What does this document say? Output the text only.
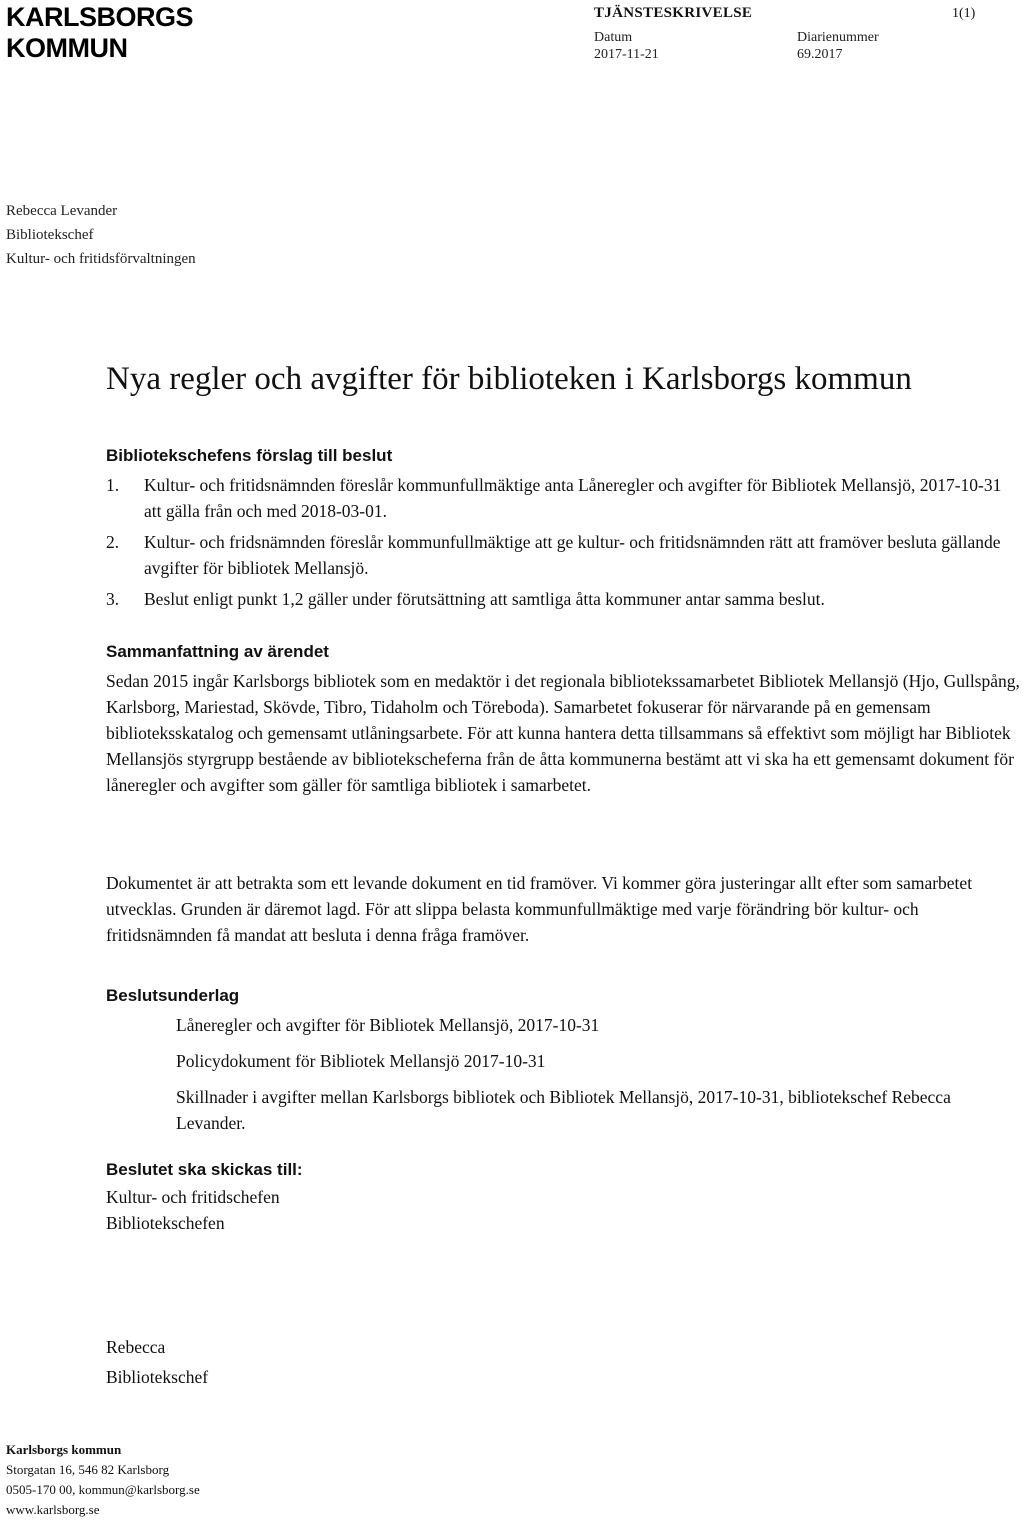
KARLSBORGS
KOMMUN
TJÄNSTESKRIVELSE
Datum
2017-11-21
Diarienummer
69.2017
1(1)
Rebecca Levander
Bibliotekschef
Kultur- och fritidsförvaltningen
Nya regler och avgifter för biblioteken i Karlsborgs kommun
Bibliotekschefens förslag till beslut
1. Kultur- och fritidsnämnden föreslår kommunfullmäktige anta Låneregler och avgifter för Bibliotek Mellansjö, 2017-10-31 att gälla från och med 2018-03-01.
2. Kultur- och fridsnämnden föreslår kommunfullmäktige att ge kultur- och fritidsnämnden rätt att framöver besluta gällande avgifter för bibliotek Mellansjö.
3. Beslut enligt punkt 1,2 gäller under förutsättning att samtliga åtta kommuner antar samma beslut.
Sammanfattning av ärendet

Sedan 2015 ingår Karlsborgs bibliotek som en medaktör i det regionala bibliotekssamarbetet Bibliotek Mellansjö (Hjo, Gullspång, Karlsborg, Mariestad, Skövde, Tibro, Tidaholm och Töreboda). Samarbetet fokuserar för närvarande på en gemensam biblioteksskatalog och gemensamt utlåningsarbete. För att kunna hantera detta tillsammans så effektivt som möjligt har Bibliotek Mellansjös styrgrupp bestående av bibliotekscheferna från de åtta kommunerna bestämt att vi ska ha ett gemensamt dokument för låneregler och avgifter som gäller för samtliga bibliotek i samarbetet.

Dokumentet är att betrakta som ett levande dokument en tid framöver. Vi kommer göra justeringar allt efter som samarbetet utvecklas. Grunden är däremot lagd. För att slippa belasta kommunfullmäktige med varje förändring bör kultur- och fritidsnämnden få mandat att besluta i denna fråga framöver.

Beslutsunderlag
Låneregler och avgifter för Bibliotek Mellansjö, 2017-10-31
Policydokument för Bibliotek Mellansjö 2017-10-31
Skillnader i avgifter mellan Karlsborgs bibliotek och Bibliotek Mellansjö, 2017-10-31, bibliotekschef Rebecca Levander.
Beslutet ska skickas till:
Kultur- och fritidschefen
Bibliotekschefen
Rebecca
Bibliotekschef
Karlsborgs kommun
Storgatan 16, 546 82 Karlsborg
0505-170 00, kommun@karlsborg.se
www.karlsborg.se
